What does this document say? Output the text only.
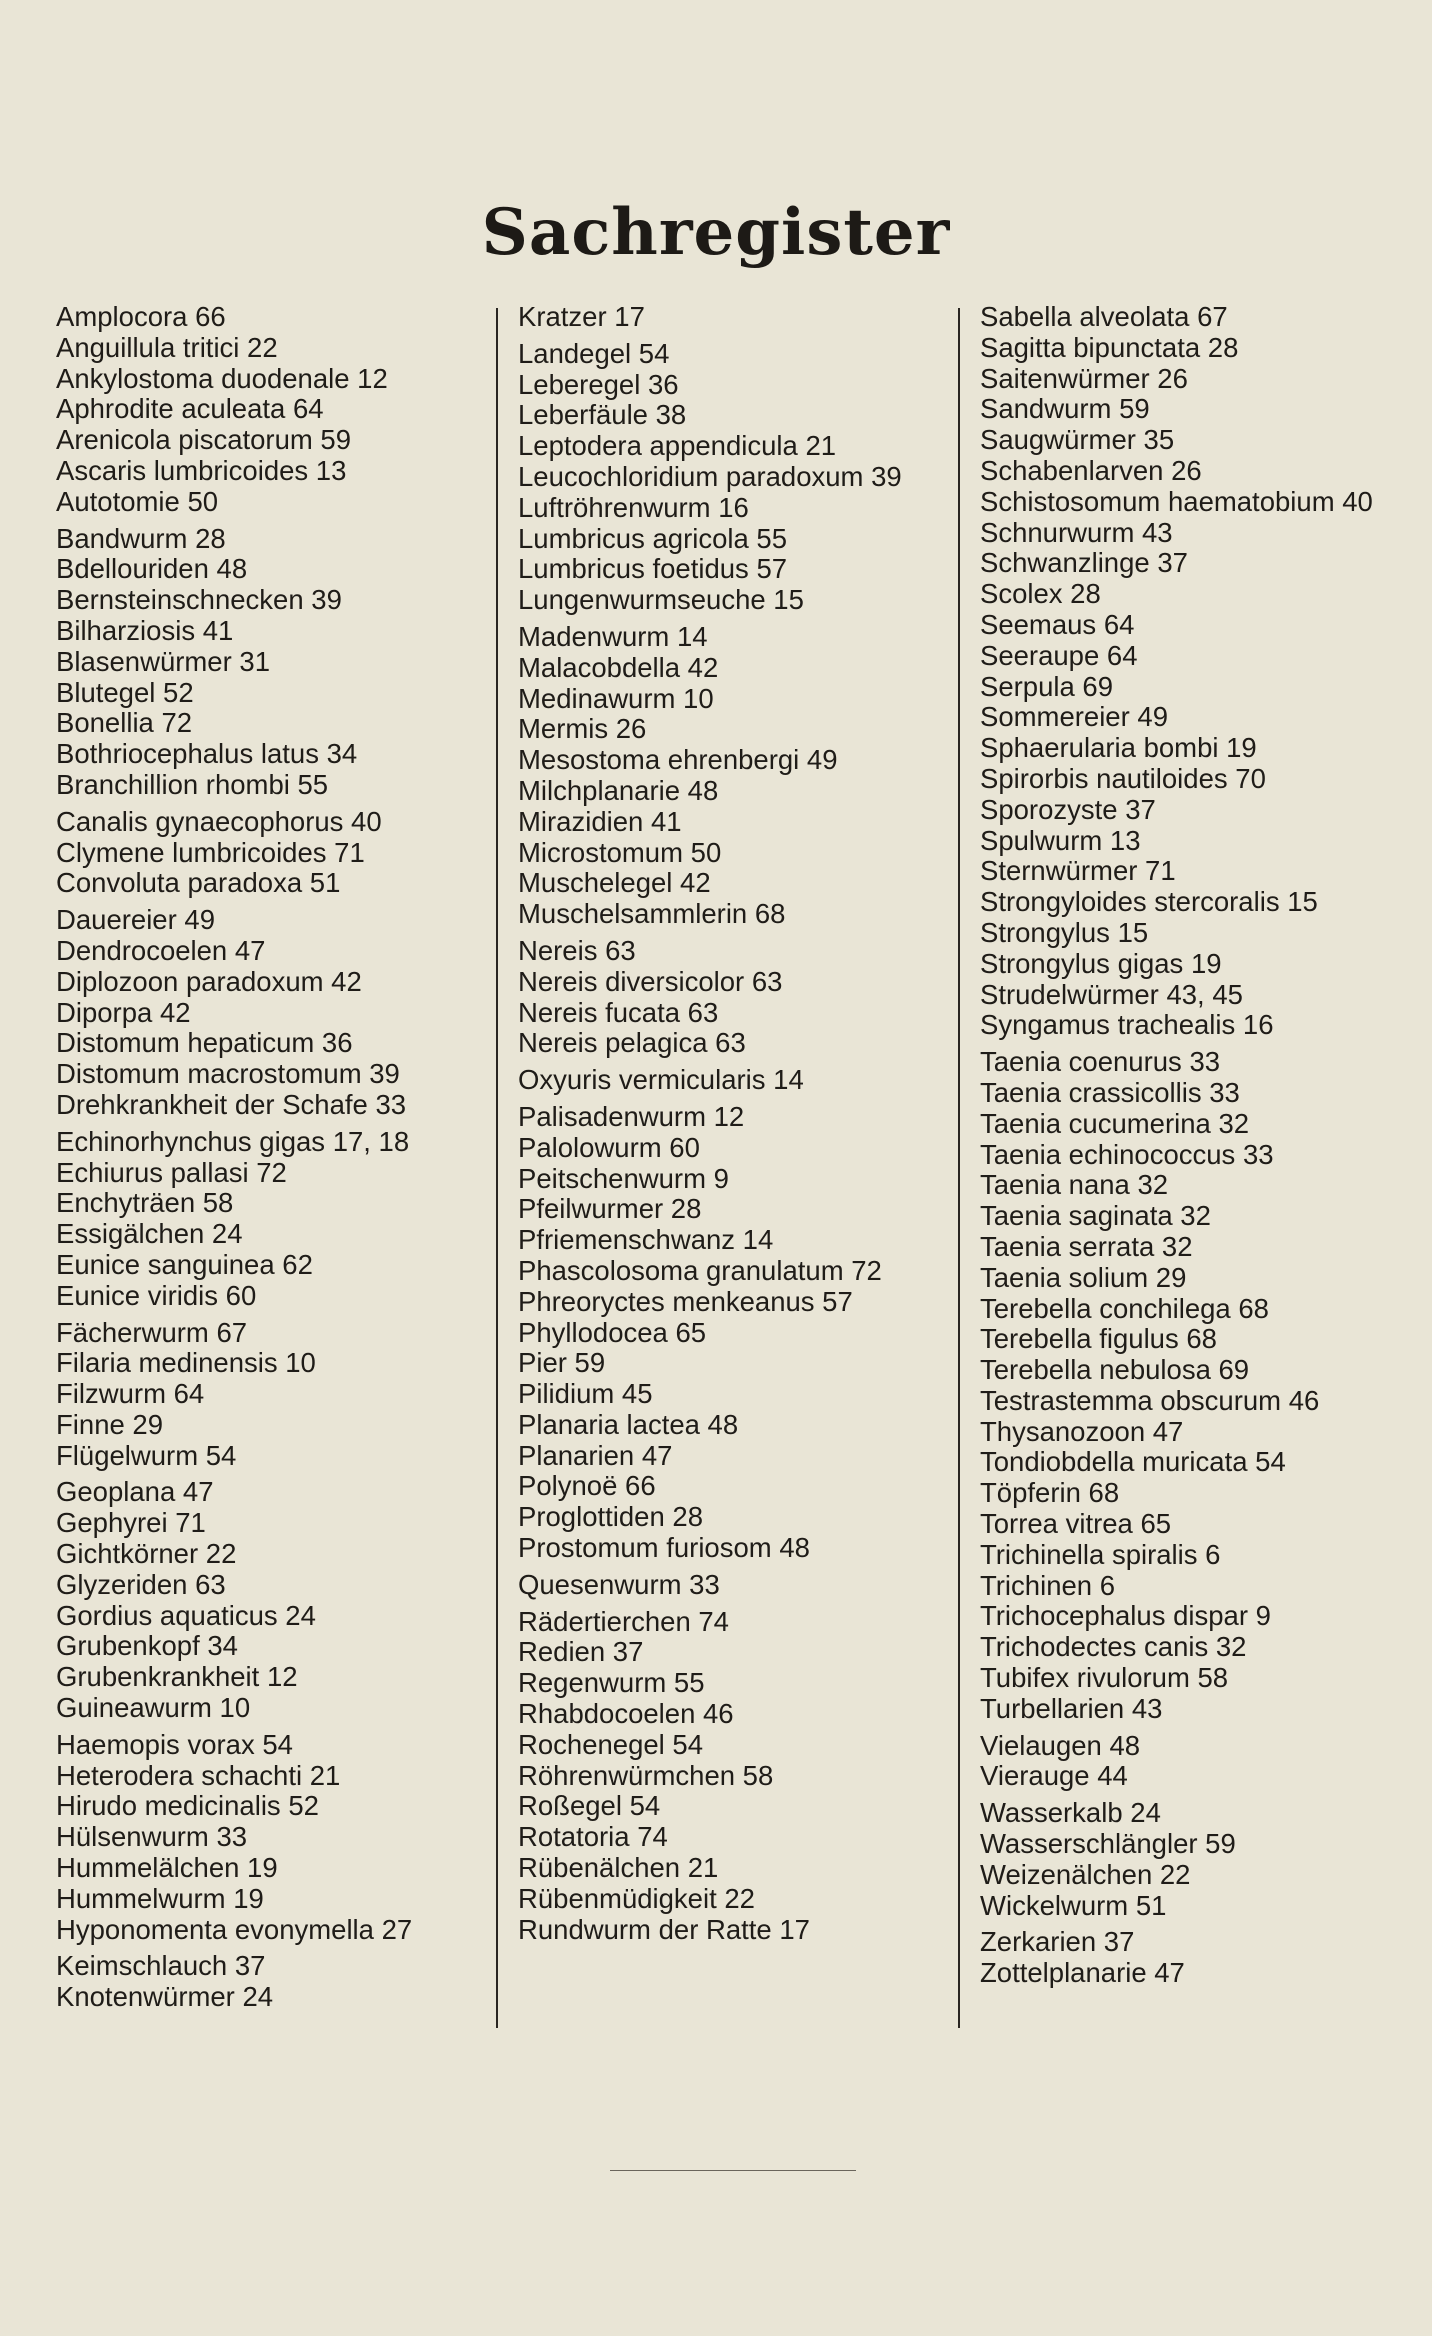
Sachregister
Amplocora 66
Anguillula tritici 22
Ankylostoma duodenale 12
Aphrodite aculeata 64
Arenicola piscatorum 59
Ascaris lumbricoides 13
Autotomie 50
Bandwurm 28
Bdellouriden 48
Bernsteinschnecken 39
Bilharziosis 41
Blasenwürmer 31
Blutegel 52
Bonellia 72
Bothriocephalus latus 34
Branchillion rhombi 55
Canalis gynaecophorus 40
Clymene lumbricoides 71
Convoluta paradoxa 51
Dauereier 49
Dendrocoelen 47
Diplozoon paradoxum 42
Diporpa 42
Distomum hepaticum 36
Distomum macrostomum 39
Drehkrankheit der Schafe 33
Echinorhynchus gigas 17, 18
Echiurus pallasi 72
Enchyträen 58
Essigälchen 24
Eunice sanguinea 62
Eunice viridis 60
Fächerwurm 67
Filaria medinensis 10
Filzwurm 64
Finne 29
Flügelwurm 54
Geoplana 47
Gephyrei 71
Gichtkörner 22
Glyzeriden 63
Gordius aquaticus 24
Grubenkopf 34
Grubenkrankheit 12
Guineawurm 10
Haemopis vorax 54
Heterodera schachti 21
Hirudo medicinalis 52
Hülsenwurm 33
Hummelälchen 19
Hummelwurm 19
Hyponomenta evonymella 27
Keimschlauch 37
Knotenwürmer 24
Kratzer 17
Landegel 54
Leberegel 36
Leberfäule 38
Leptodera appendicula 21
Leucochloridium paradoxum 39
Luftröhrenwurm 16
Lumbricus agricola 55
Lumbricus foetidus 57
Lungenwurmseuche 15
Madenwurm 14
Malacobdella 42
Medinawurm 10
Mermis 26
Mesostoma ehrenbergi 49
Milchplanarie 48
Mirazidien 41
Microstomum 50
Muschelegel 42
Muschelsammlerin 68
Nereis 63
Nereis diversicolor 63
Nereis fucata 63
Nereis pelagica 63
Oxyuris vermicularis 14
Palisadenwurm 12
Palolowurm 60
Peitschenwurm 9
Pfeilwurmer 28
Pfriemenschwanz 14
Phascolosoma granulatum 72
Phreoryctes menkeanus 57
Phyllodocea 65
Pier 59
Pilidium 45
Planaria lactea 48
Planarien 47
Polynoë 66
Proglottiden 28
Prostomum furiosom 48
Quesenwurm 33
Rädertierchen 74
Redien 37
Regenwurm 55
Rhabdocoelen 46
Rochenegel 54
Röhrenwürmchen 58
Roßegel 54
Rotatoria 74
Rübenälchen 21
Rübenmüdigkeit 22
Rundwurm der Ratte 17
Sabella alveolata 67
Sagitta bipunctata 28
Saitenwürmer 26
Sandwurm 59
Saugwürmer 35
Schabenlarven 26
Schistosomum haematobium 40
Schnurwurm 43
Schwanzlinge 37
Scolex 28
Seemaus 64
Seeraupe 64
Serpula 69
Sommereier 49
Sphaerularia bombi 19
Spirorbis nautiloides 70
Sporozyste 37
Spulwurm 13
Sternwürmer 71
Strongyloides stercoralis 15
Strongylus 15
Strongylus gigas 19
Strudelwürmer 43, 45
Syngamus trachealis 16
Taenia coenurus 33
Taenia crassicollis 33
Taenia cucumerina 32
Taenia echinococcus 33
Taenia nana 32
Taenia saginata 32
Taenia serrata 32
Taenia solium 29
Terebella conchilega 68
Terebella figulus 68
Terebella nebulosa 69
Testrastemma obscurum 46
Thysanozoon 47
Tondiobdella muricata 54
Töpferin 68
Torrea vitrea 65
Trichinella spiralis 6
Trichinen 6
Trichocephalus dispar 9
Trichodectes canis 32
Tubifex rivulorum 58
Turbellarien 43
Vielaugen 48
Vierauge 44
Wasserkalb 24
Wasserschlängler 59
Weizenälchen 22
Wickelwurm 51
Zerkarien 37
Zottelplanarie 47
